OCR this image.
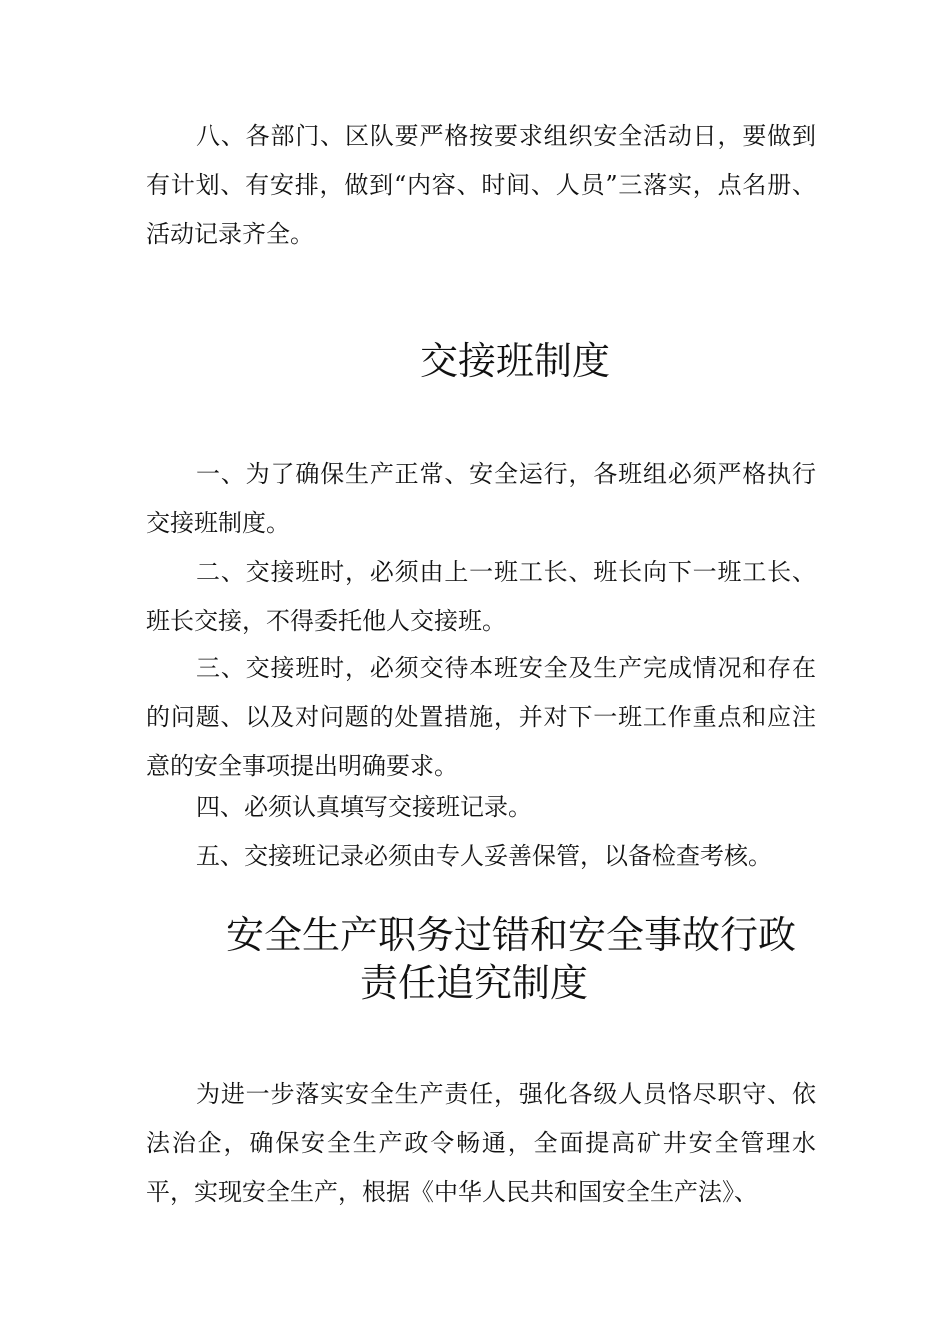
八、各部门、区队要严格按要求组织安全活动日，要做到有计划、有安排，做到“内容、时间、人员”三落实，点名册、活动记录齐全。

交接班制度

一、为了确保生产正常、安全运行，各班组必须严格执行交接班制度。

二、交接班时，必须由上一班工长、班长向下一班工长、班长交接，不得委托他人交接班。

三、交接班时，必须交待本班安全及生产完成情况和存在的问题、以及对问题的处置措施，并对下一班工作重点和应注意的安全事项提出明确要求。

四、必须认真填写交接班记录。

五、交接班记录必须由专人妥善保管，以备检查考核。

安全生产职务过错和安全事故行政
责任追究制度

为进一步落实安全生产责任，强化各级人员恪尽职守、依法治企，确保安全生产政令畅通，全面提高矿井安全管理水平，实现安全生产，根据《中华人民共和国安全生产法》、
